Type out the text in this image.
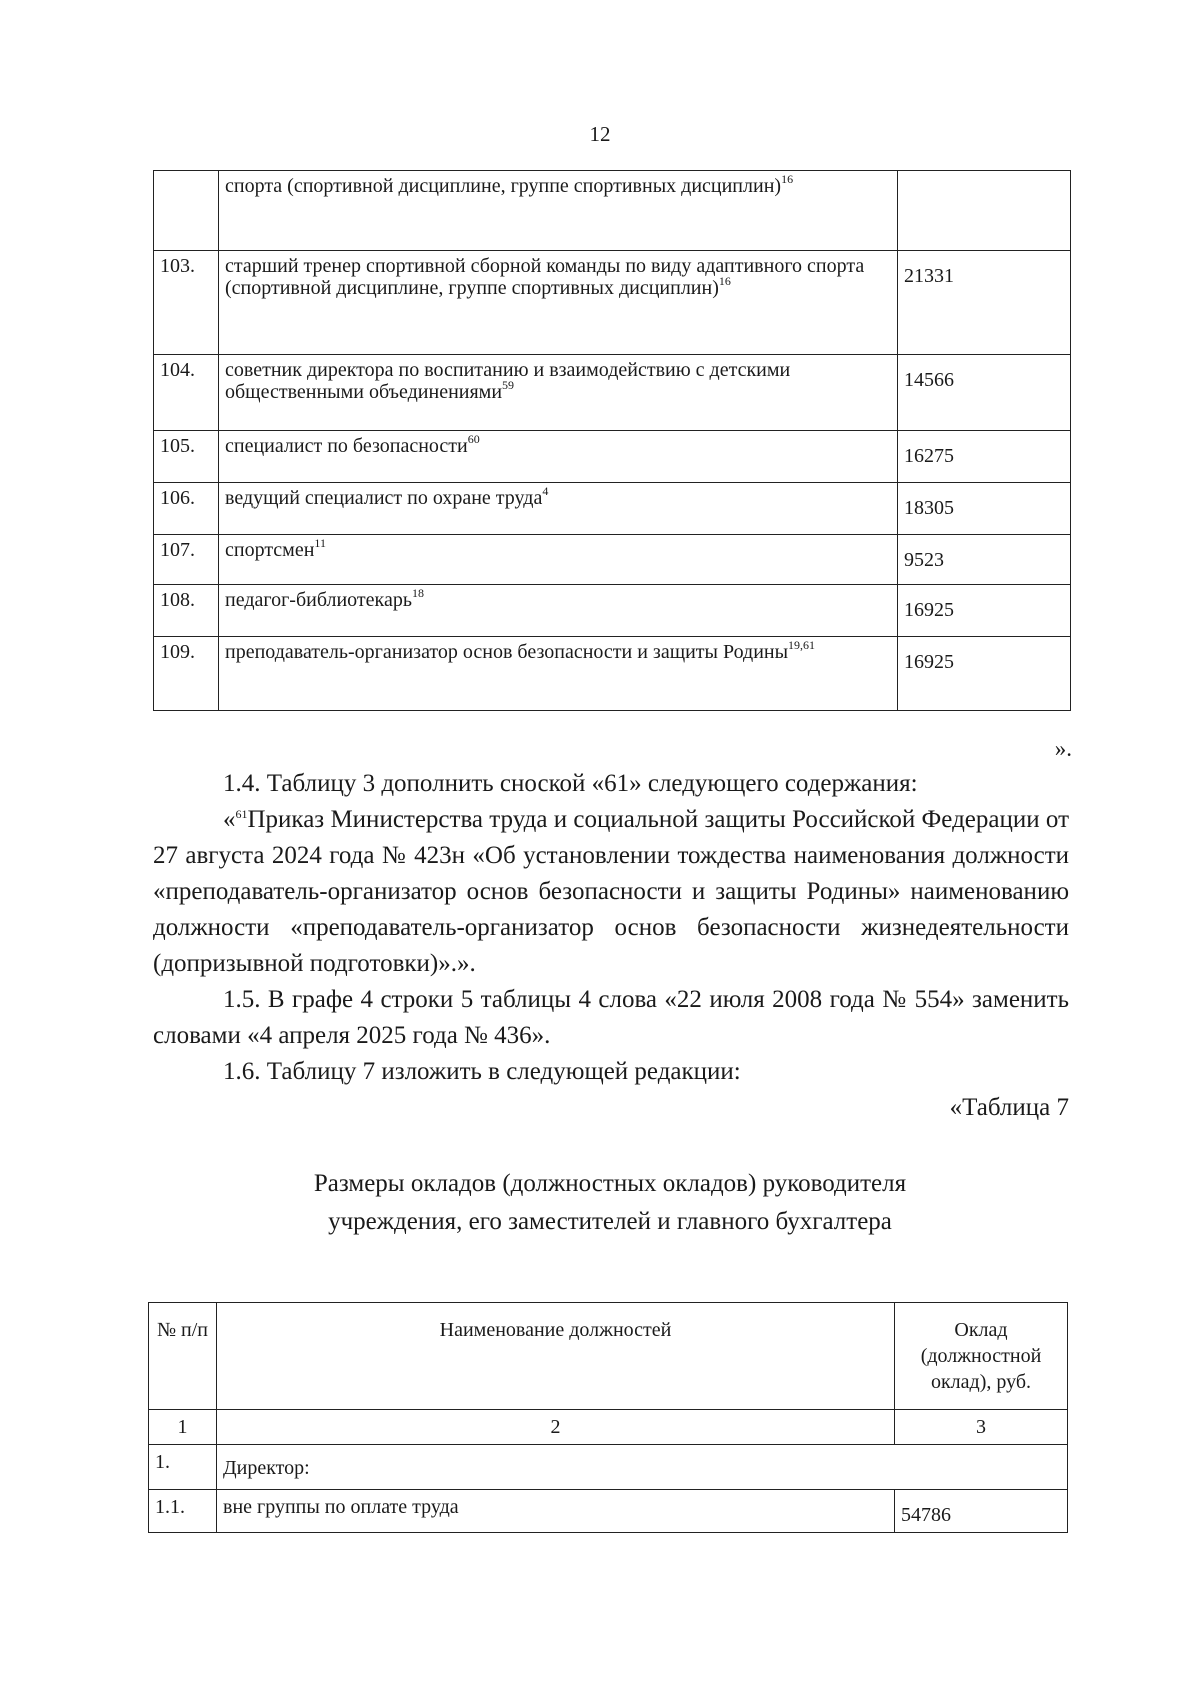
12
	спорта (спортивной дисциплине, группе спортивных дисциплин)$^{16}$	
103.	старший тренер спортивной сборной команды по виду адаптивного спорта (спортивной дисциплине, группе спортивных дисциплин)$^{16}$	21331
104.	советник директора по воспитанию и взаимодействию с детскими общественными объединениями$^{59}$	14566
105.	специалист по безопасности$^{60}$	16275
106.	ведущий специалист по охране труда$^4$	18305
107.	спортсмен$^{11}$	9523
108.	педагог-библиотекарь$^{18}$	16925
109.	преподаватель-организатор основ безопасности и защиты Родины$^{19,61}$	16925
».

1.4. Таблицу 3 дополнить сноской «61» следующего содержания:

«$^{61}$Приказ Министерства труда и социальной защиты Российской Федерации от 27 августа 2024 года № 423н «Об установлении тождества наименования должности «преподаватель-организатор основ безопасности и защиты Родины» наименованию должности «преподаватель-организатор основ безопасности жизнедеятельности (допризывной подготовки)».».

1.5. В графе 4 строки 5 таблицы 4 слова «22 июля 2008 года № 554» заменить словами «4 апреля 2025 года № 436».

1.6. Таблицу 7 изложить в следующей редакции:

«Таблица 7

Размеры окладов (должностных окладов) руководителя
учреждения, его заместителей и главного бухгалтера
№ п/п	Наименование должностей	Оклад (должностной оклад), руб.
1	2	3
1.	Директор:	
1.1.	вне группы по оплате труда	54786
